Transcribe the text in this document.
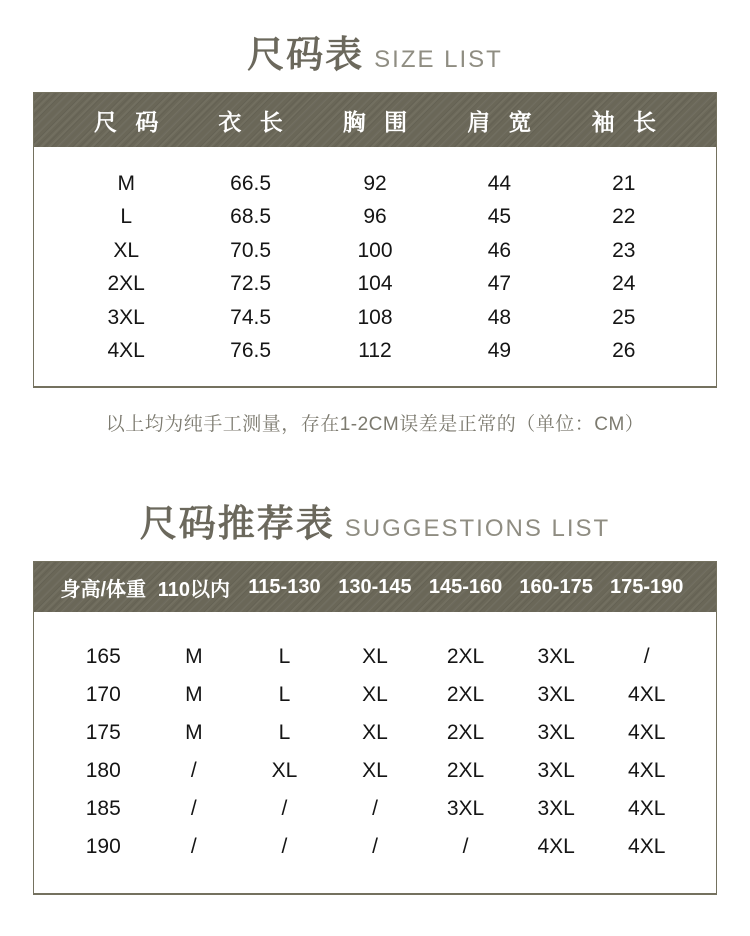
尺码表 SIZE LIST
尺 码	衣 长	胸 围	肩 宽	袖 长
M	66.5	92	44	21
L	68.5	96	45	22
XL	70.5	100	46	23
2XL	72.5	104	47	24
3XL	74.5	108	48	25
4XL	76.5	112	49	26
以上均为纯手工测量，存在1-2CM误差是正常的（单位：CM）
尺码推荐表 SUGGESTIONS LIST
身高/体重 110以内 115-130 130-145 145-160 160-175 175-190
165	M	L	XL	2XL	3XL	/
170	M	L	XL	2XL	3XL	4XL
175	M	L	XL	2XL	3XL	4XL
180	/	XL	XL	2XL	3XL	4XL
185	/	/	/	3XL	3XL	4XL
190	/	/	/	/	4XL	4XL
